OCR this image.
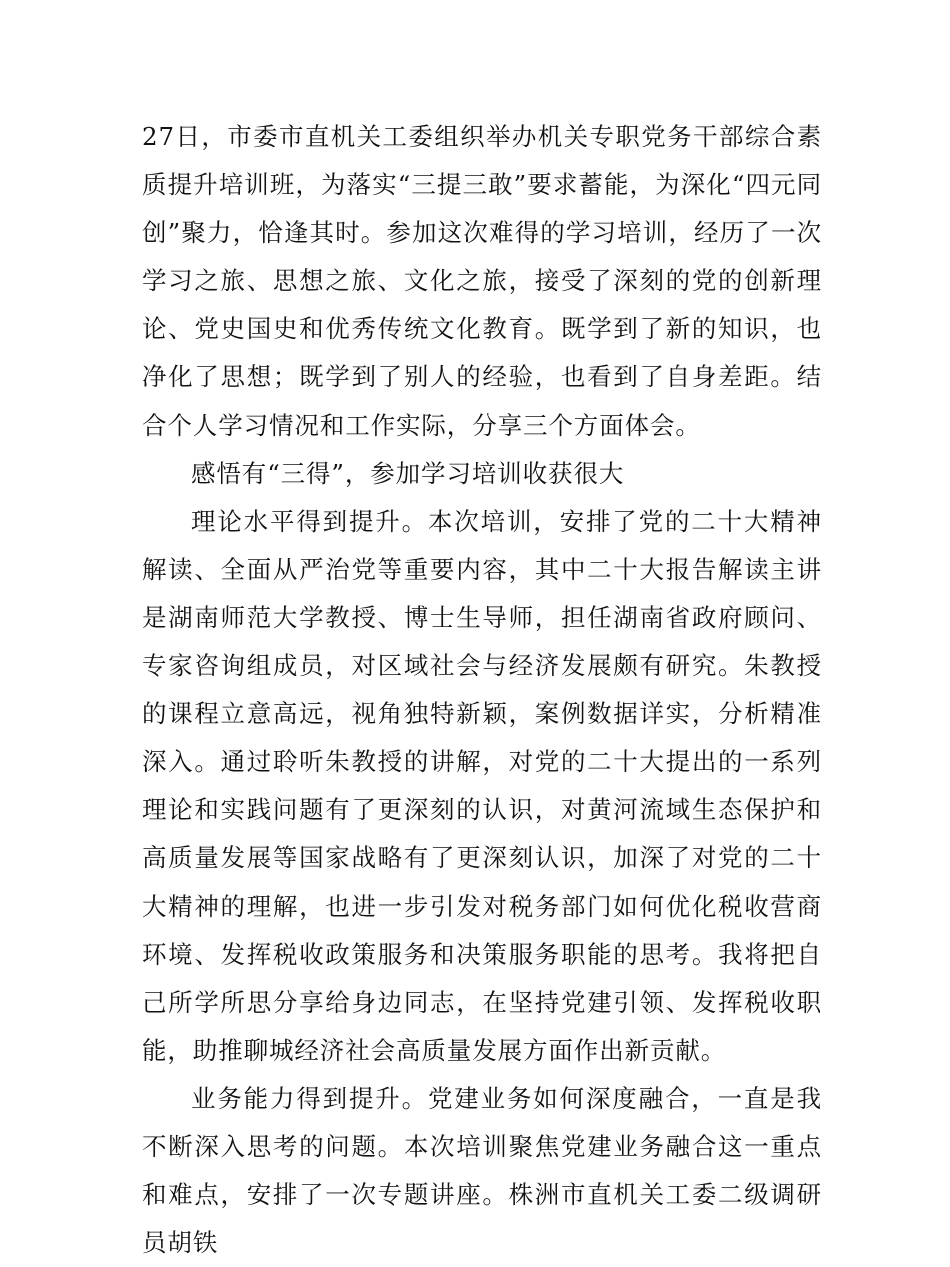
27日，市委市直机关工委组织举办机关专职党务干部综合素质提升培训班，为落实“三提三敢”要求蓄能，为深化“四元同创”聚力，恰逢其时。参加这次难得的学习培训，经历了一次学习之旅、思想之旅、文化之旅，接受了深刻的党的创新理论、党史国史和优秀传统文化教育。既学到了新的知识，也净化了思想；既学到了别人的经验，也看到了自身差距。结合个人学习情况和工作实际，分享三个方面体会。

感悟有“三得”，参加学习培训收获很大

理论水平得到提升。本次培训，安排了党的二十大精神解读、全面从严治党等重要内容，其中二十大报告解读主讲是湖南师范大学教授、博士生导师，担任湖南省政府顾问、专家咨询组成员，对区域社会与经济发展颇有研究。朱教授的课程立意高远，视角独特新颖，案例数据详实，分析精准深入。通过聆听朱教授的讲解，对党的二十大提出的一系列理论和实践问题有了更深刻的认识，对黄河流域生态保护和高质量发展等国家战略有了更深刻认识，加深了对党的二十大精神的理解，也进一步引发对税务部门如何优化税收营商环境、发挥税收政策服务和决策服务职能的思考。我将把自己所学所思分享给身边同志，在坚持党建引领、发挥税收职能，助推聊城经济社会高质量发展方面作出新贡献。

业务能力得到提升。党建业务如何深度融合，一直是我不断深入思考的问题。本次培训聚焦党建业务融合这一重点和难点，安排了一次专题讲座。株洲市直机关工委二级调研员胡铁
